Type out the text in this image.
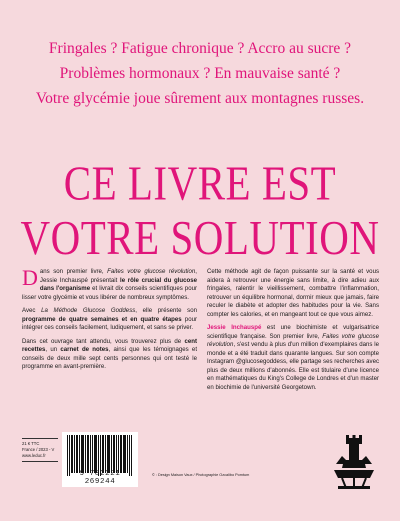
Fringales ? Fatigue chronique ? Accro au sucre ?
Problèmes hormonaux ? En mauvaise santé ?
Votre glycémie joue sûrement aux montagnes russes.
CE LIVRE EST
VOTRE SOLUTION

Dans son premier livre, Faites votre glucose révolution, Jessie Inchauspé présentait le rôle crucial du glucose dans l'organisme et livrait dix conseils scientifiques pour lisser votre glycémie et vous libérer de nombreux symptômes.

Avec La Méthode Glucose Goddess, elle présente son programme de quatre semaines et en quatre étapes pour intégrer ces conseils facilement, ludiquement, et sans se priver.

Dans cet ouvrage tant attendu, vous trouverez plus de cent recettes, un carnet de notes, ainsi que les témoignages et conseils de deux mille sept cents personnes qui ont testé le programme en avant-première.

Cette méthode agit de façon puissante sur la santé et vous aidera à retrouver une énergie sans limite, à dire adieu aux fringales, ralentir le vieillissement, combattre l'inflammation, retrouver un équilibre hormonal, dormir mieux que jamais, faire reculer le diabète et adopter des habitudes pour la vie. Sans compter les calories, et en mangeant tout ce que vous aimez.

Jessie Inchauspé est une biochimiste et vulgarisatrice scientifique française. Son premier livre, Faites votre glucose révolution, s'est vendu à plus d'un million d'exemplaires dans le monde et a été traduit dans quarante langues. Sur son compte Instagram @glucosegoddess, elle partage ses recherches avec plus de deux millions d'abonnés. Elle est titulaire d'une licence en mathématiques du King's College de Londres et d'un master en biochimie de l'université Georgetown.

21 € TTC
France / 2023 - V
www.leduc.fr
9 782221 269244
© : Design Maison Vaux / Photographie Ozcalibo Pomtum
